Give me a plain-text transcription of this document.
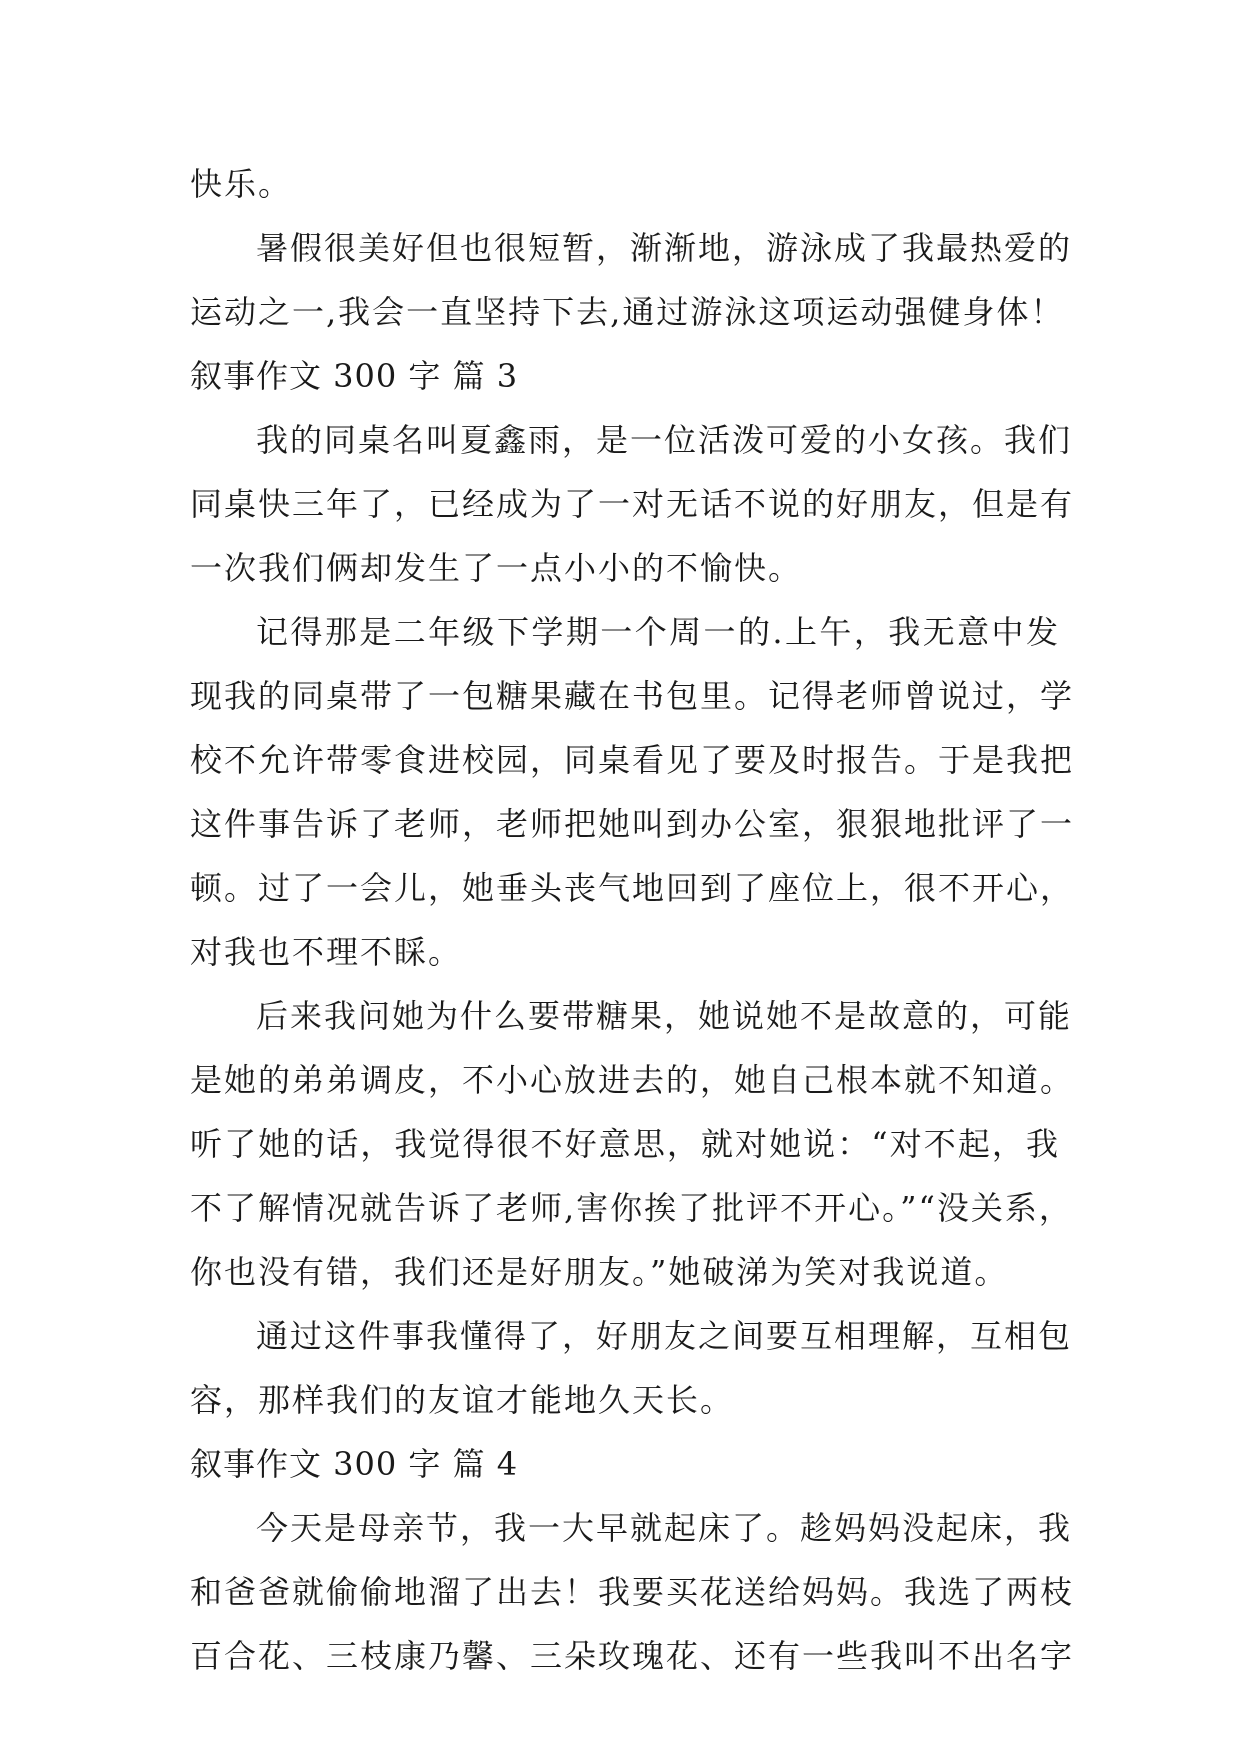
快乐。
暑假很美好但也很短暂，渐渐地，游泳成了我最热爱的
运动之一,我会一直坚持下去,通过游泳这项运动强健身体！
叙事作文 300 字 篇 3
我的同桌名叫夏鑫雨，是一位活泼可爱的小女孩。我们
同桌快三年了，已经成为了一对无话不说的好朋友，但是有
一次我们俩却发生了一点小小的不愉快。
记得那是二年级下学期一个周一的.上午，我无意中发
现我的同桌带了一包糖果藏在书包里。记得老师曾说过，学
校不允许带零食进校园，同桌看见了要及时报告。于是我把
这件事告诉了老师，老师把她叫到办公室，狠狠地批评了一
顿。过了一会儿，她垂头丧气地回到了座位上，很不开心，
对我也不理不睬。
后来我问她为什么要带糖果，她说她不是故意的，可能
是她的弟弟调皮，不小心放进去的，她自己根本就不知道。
听了她的话，我觉得很不好意思，就对她说：“对不起，我
不了解情况就告诉了老师,害你挨了批评不开心。”“没关系，
你也没有错，我们还是好朋友。”她破涕为笑对我说道。
通过这件事我懂得了，好朋友之间要互相理解，互相包
容，那样我们的友谊才能地久天长。
叙事作文 300 字 篇 4
今天是母亲节，我一大早就起床了。趁妈妈没起床，我
和爸爸就偷偷地溜了出去！我要买花送给妈妈。我选了两枝
百合花、三枝康乃馨、三朵玫瑰花、还有一些我叫不出名字
